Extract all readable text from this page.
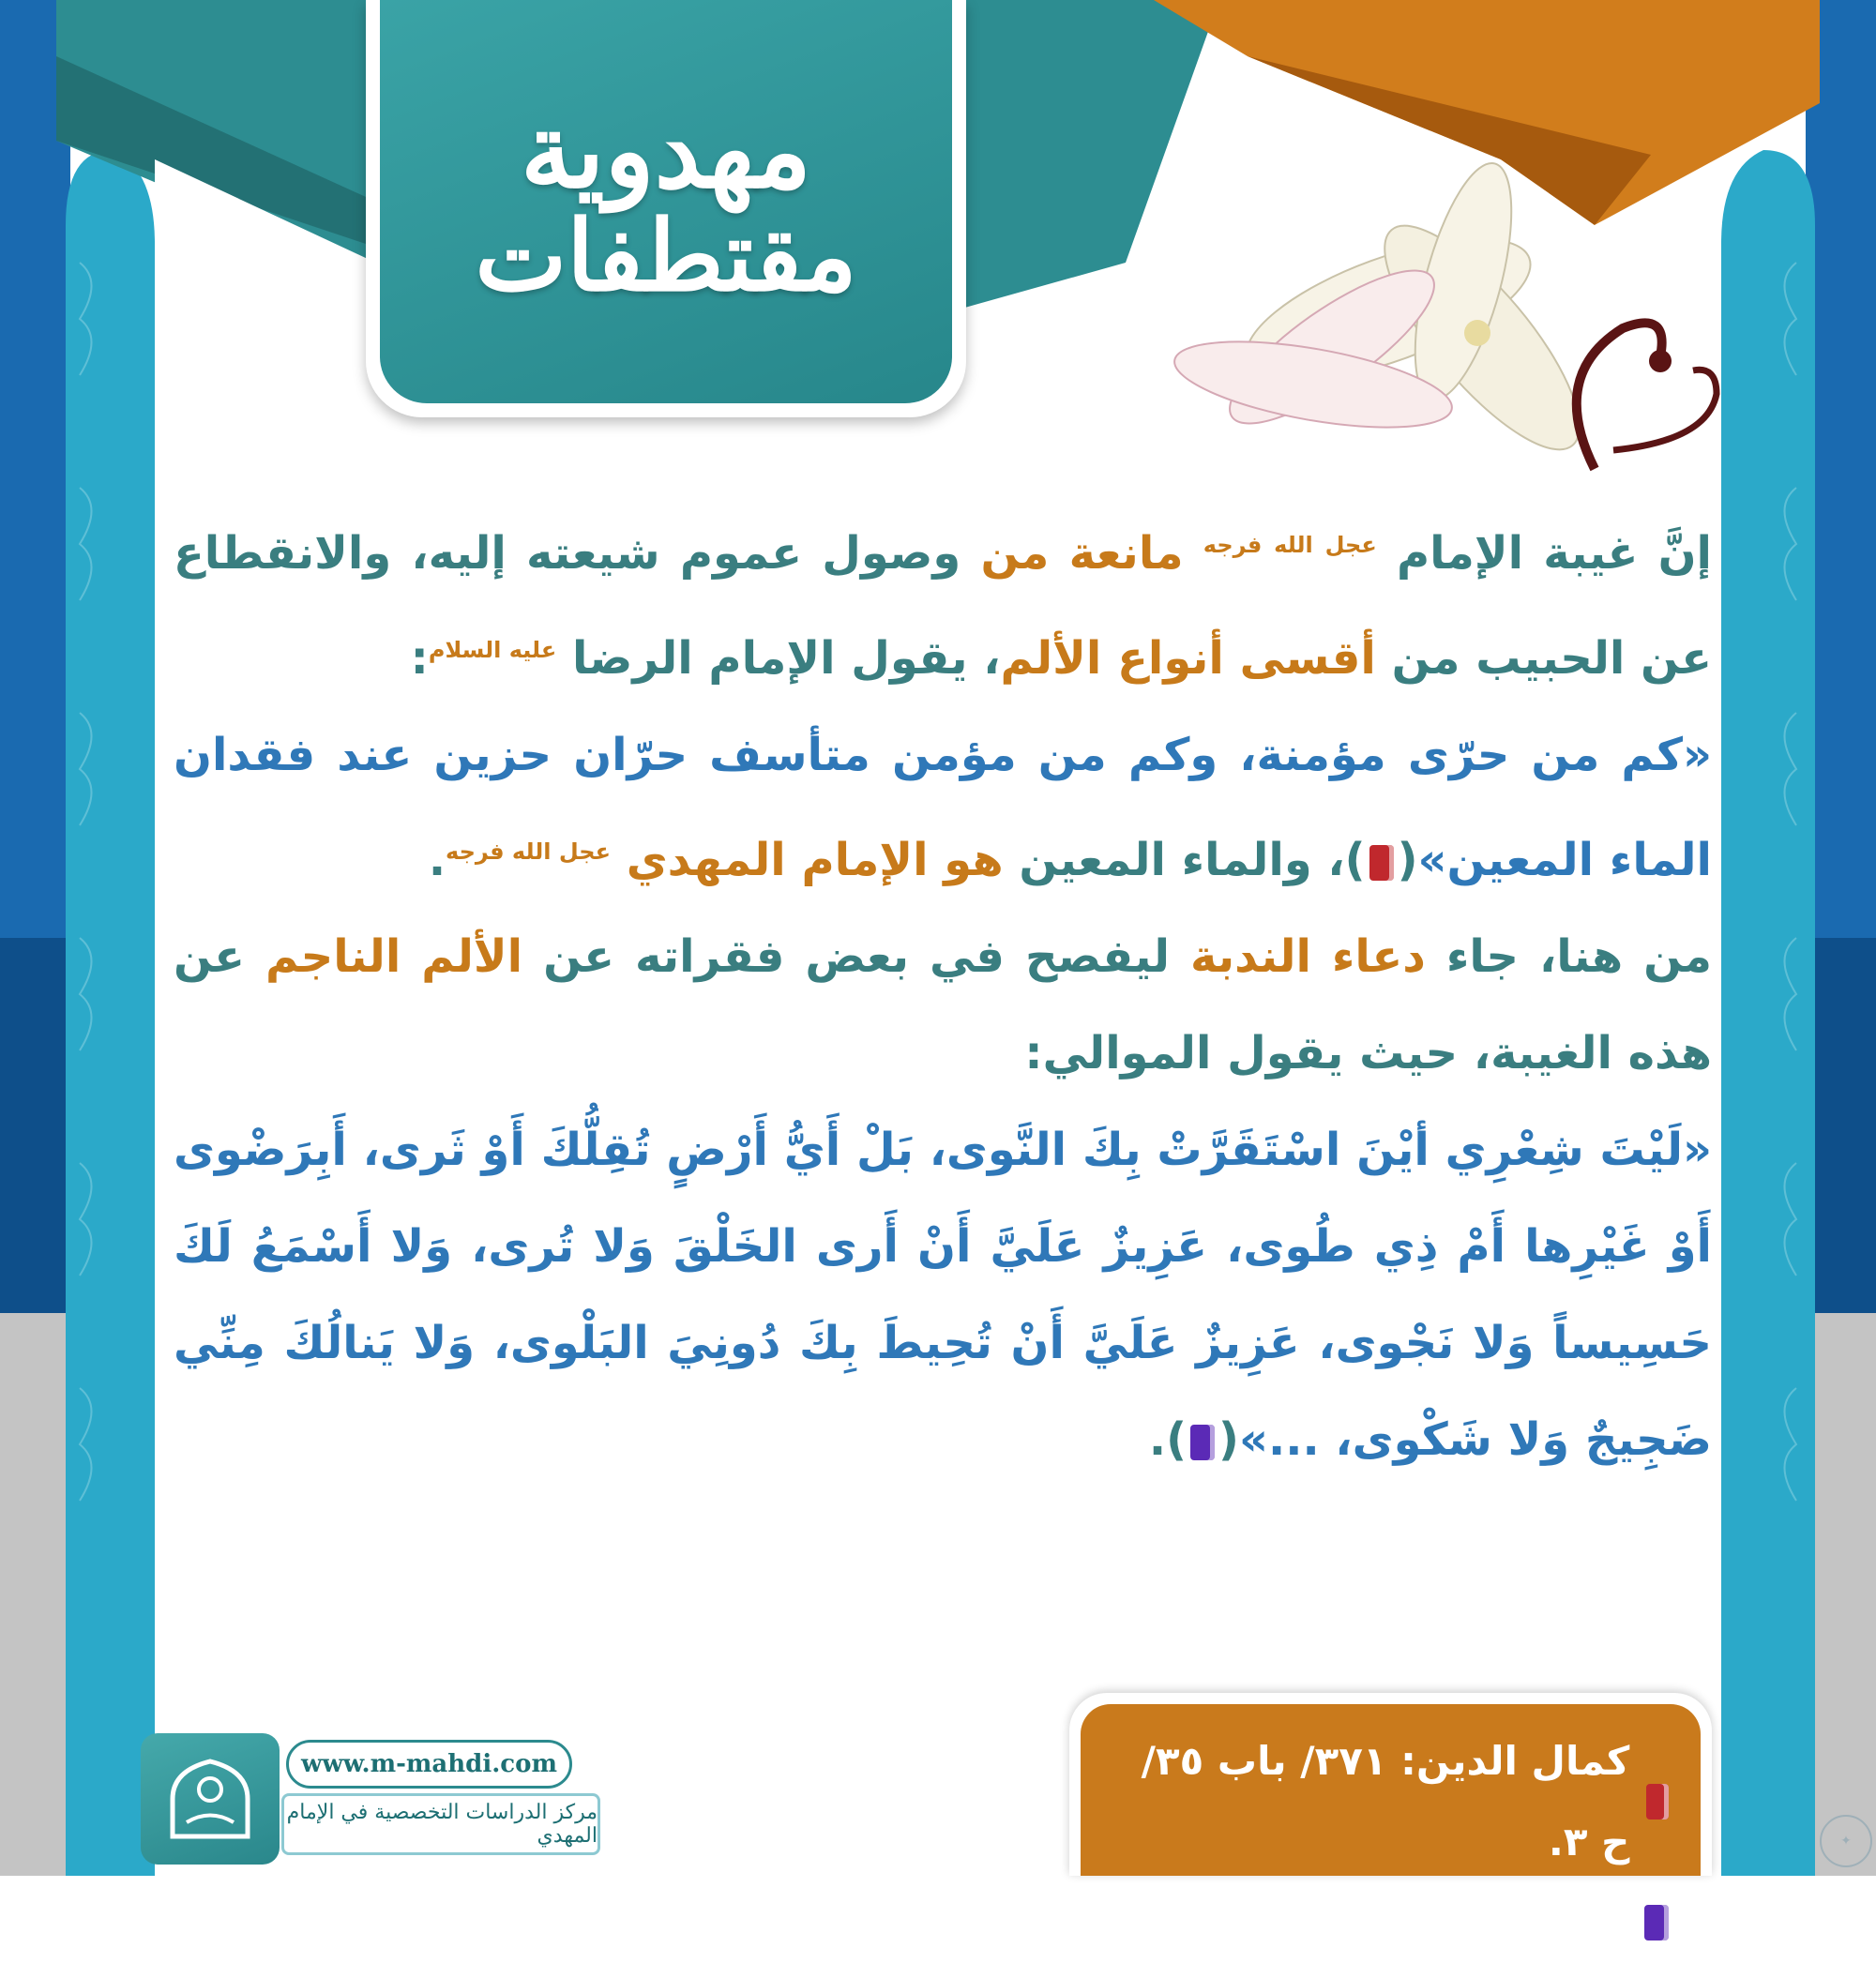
مهدوية
مقتطفات

إنَّ غيبة الإمام $^{عجل الله فرجه}$ مانعة من وصول عموم شيعته إليه، والانقطاع عن الحبيب من أقسى أنواع الألم، يقول الإمام الرضا $^{عليه السلام}$:

«كم من حرّى مؤمنة، وكم من مؤمن متأسف حرّان حزين عند فقدان الماء المعين»()، والماء المعين هو الإمام المهدي $^{عجل الله فرجه}$.

من هنا، جاء دعاء الندبة ليفصح في بعض فقراته عن الألم الناجم عن هذه الغيبة، حيث يقول الموالي:

«لَيْتَ شِعْرِي أيْنَ اسْتَقَرَّتْ بِكَ النَّوى، بَلْ أَيُّ أَرْضٍ تُقِلُّكَ أَوْ ثَرى، أَبِرَضْوى أَوْ غَيْرِها أَمْ ذِي طُوى، عَزِيزٌ عَلَيَّ أَنْ أَرى الخَلْقَ وَلا تُرى، وَلا أَسْمَعُ لَكَ حَسِيساً وَلا نَجْوى، عَزِيزٌ عَلَيَّ أَنْ تُحِيطَ بِكَ دُونِيَ البَلْوى، وَلا يَنالُكَ مِنِّي ضَجِيجٌ وَلا شَكْوى، ...»().

كمال الدين: ٣٧١/ باب ٣٥/ ح ٣.
إقبال الأعمال ١: ٥١٠.
www.m-mahdi.com
مركز الدراسات التخصصية في الإمام المهدي	✦
